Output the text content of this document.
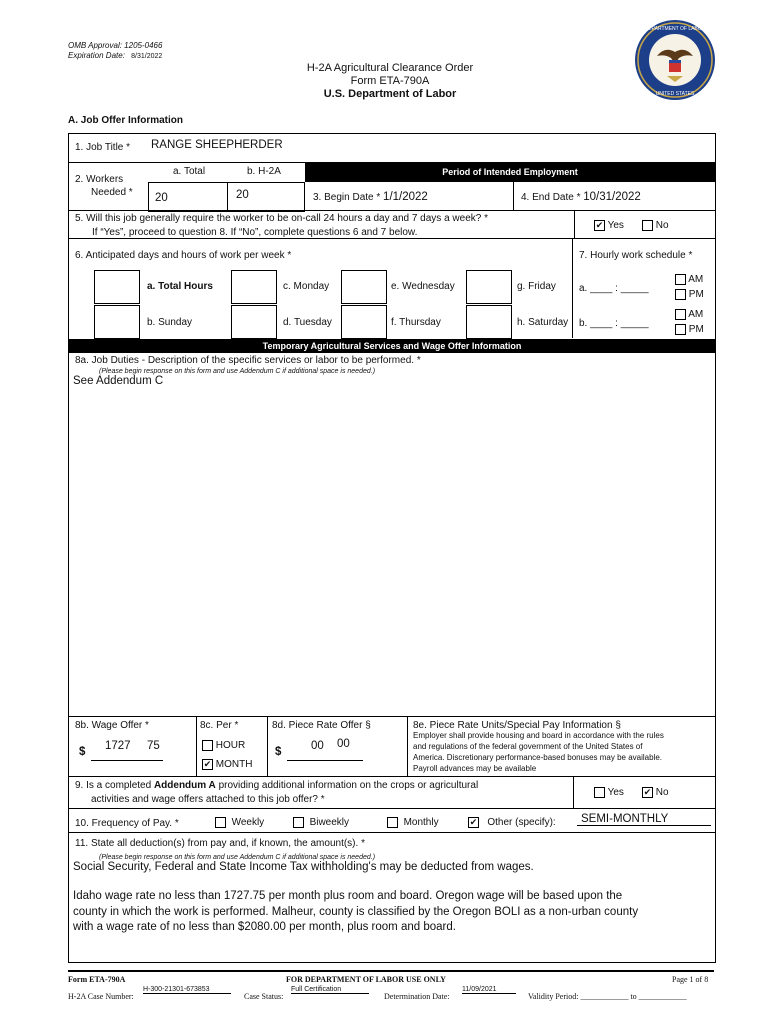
OMB Approval: 1205-0466
Expiration Date: 8/31/2022
H-2A Agricultural Clearance Order
Form ETA-790A
U.S. Department of Labor
DEPARTMENT OF LABOR
UNITED STATES
A. Job Offer Information
1. Job Title * RANGE SHEEPHERDER
Period of Intended Employment
2. Workers
Needed *
a. Total	b. H-2A
20	20	3. Begin Date * 1/1/2022	4. End Date * 10/31/2022
5. Will this job generally require the worker to be on-call 24 hours a day and 7 days a week? *
If “Yes”, proceed to question 8. If “No”, complete questions 6 and 7 below.
✔ Yes	No
6. Anticipated days and hours of work per week *	7. Hourly work schedule *
a. Total Hours
b. Sunday
c. Monday
d. Tuesday
e. Wednesday
f. Thursday
g. Friday
h. Saturday
a. ____ : _____
AM
PM
b. ____ : _____
AM
PM
Temporary Agricultural Services and Wage Offer Information
8a. Job Duties - Description of the specific services or labor to be performed. *
(Please begin response on this form and use Addendum C if additional space is needed.)
See Addendum C
8b. Wage Offer *
$ 1727 75
8c. Per *
HOUR
✔ MONTH
8d. Piece Rate Offer §
$	00 00
8e. Piece Rate Units/Special Pay Information §
Employer shall provide housing and board in accordance with the rules
and regulations of the federal government of the United States of
America. Discretionary performance-based bonuses may be available.
Payroll advances may be available
9. Is a completed Addendum A providing additional information on the crops or agricultural
activities and wage offers attached to this job offer? *
Yes ✔ No
10. Frequency of Pay. *	Weekly	Biweekly	Monthly	✔ Other (specify):	SEMI-MONTHLY
11. State all deduction(s) from pay and, if known, the amount(s). *
(Please begin response on this form and use Addendum C if additional space is needed.)
Social Security, Federal and State Income Tax withholding's may be deducted from wages.
Idaho wage rate no less than 1727.75 per month plus room and board. Oregon wage will be based upon the
county in which the work is performed. Malheur, county is classified by the Oregon BOLI as a non-urban county
with a wage rate of no less than $2080.00 per month, plus room and board.
Form ETA-790A	FOR DEPARTMENT OF LABOR USE ONLY	Page 1 of 8
H-2A Case Number:
H-300-21301-673853
Case Status:
Full Certification
Determination Date:
11/09/2021
Validity Period: ____________ to ____________
